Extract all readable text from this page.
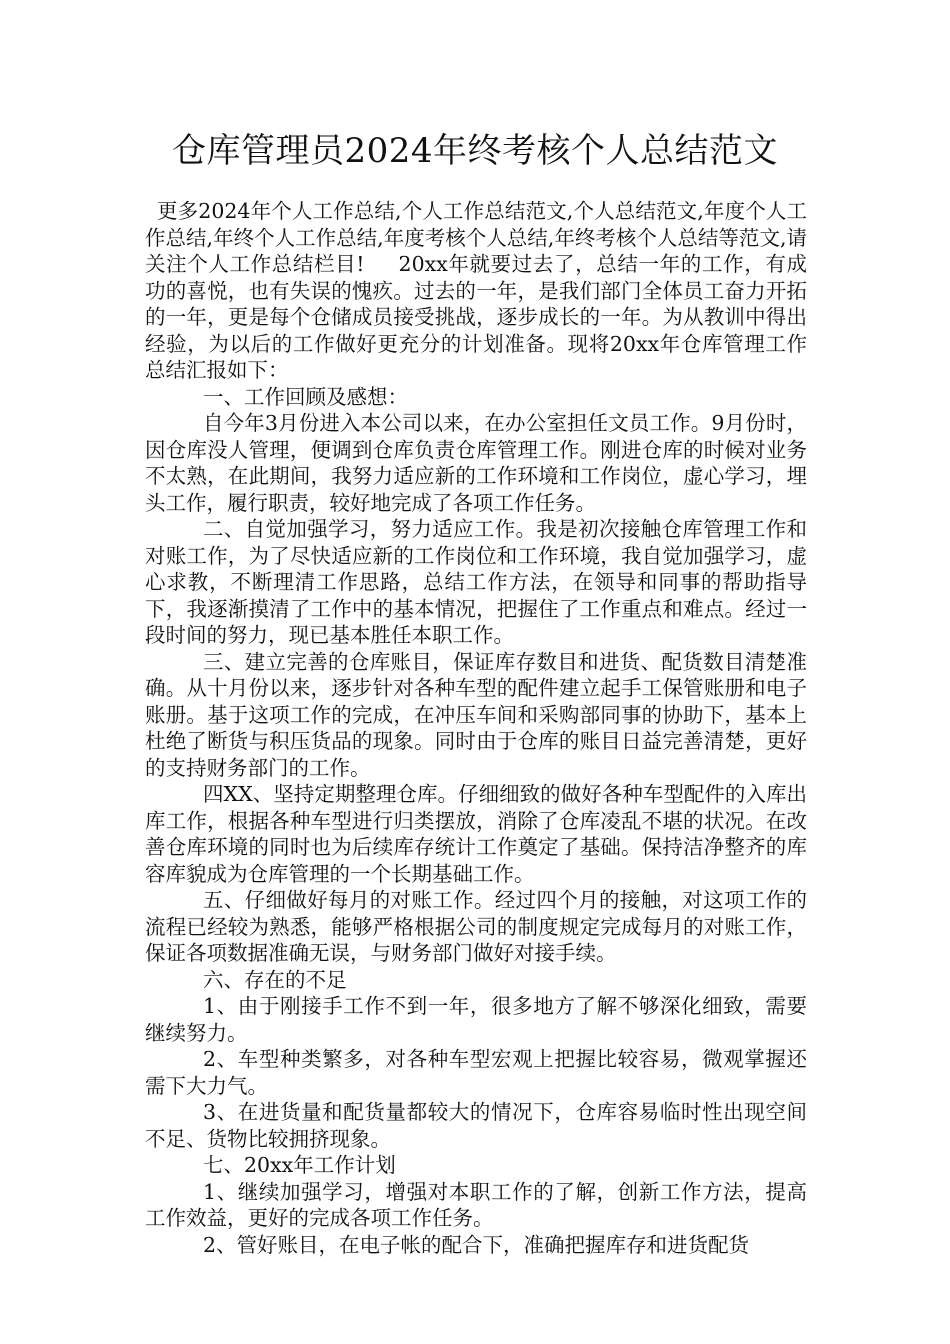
仓库管理员2024年终考核个人总结范文

更多2024年个人工作总结,个人工作总结范文,个人总结范文,年度个人工作总结,年终个人工作总结,年度考核个人总结,年终考核个人总结等范文,请关注个人工作总结栏目! 20xx年就要过去了，总结一年的工作，有成功的喜悦，也有失误的愧疚。过去的一年，是我们部门全体员工奋力开拓的一年，更是每个仓储成员接受挑战，逐步成长的一年。为从教训中得出经验，为以后的工作做好更充分的计划准备。现将20xx年仓库管理工作总结汇报如下：

一、工作回顾及感想：

自今年3月份进入本公司以来，在办公室担任文员工作。9月份时，因仓库没人管理，便调到仓库负责仓库管理工作。刚进仓库的时候对业务不太熟，在此期间，我努力适应新的工作环境和工作岗位，虚心学习，埋头工作，履行职责，较好地完成了各项工作任务。

二、自觉加强学习，努力适应工作。我是初次接触仓库管理工作和对账工作，为了尽快适应新的工作岗位和工作环境，我自觉加强学习，虚心求教，不断理清工作思路，总结工作方法，在领导和同事的帮助指导下，我逐渐摸清了工作中的基本情况，把握住了工作重点和难点。经过一段时间的努力，现已基本胜任本职工作。

三、建立完善的仓库账目，保证库存数目和进货、配货数目清楚准确。从十月份以来，逐步针对各种车型的配件建立起手工保管账册和电子账册。基于这项工作的完成，在冲压车间和采购部同事的协助下，基本上杜绝了断货与积压货品的现象。同时由于仓库的账目日益完善清楚，更好的支持财务部门的工作。

四XX、坚持定期整理仓库。仔细细致的做好各种车型配件的入库出库工作，根据各种车型进行归类摆放，消除了仓库凌乱不堪的状况。在改善仓库环境的同时也为后续库存统计工作奠定了基础。保持洁净整齐的库容库貌成为仓库管理的一个长期基础工作。

五、仔细做好每月的对账工作。经过四个月的接触，对这项工作的流程已经较为熟悉，能够严格根据公司的制度规定完成每月的对账工作，保证各项数据准确无误，与财务部门做好对接手续。

六、存在的不足

1、由于刚接手工作不到一年，很多地方了解不够深化细致，需要继续努力。

2、车型种类繁多，对各种车型宏观上把握比较容易，微观掌握还需下大力气。

3、在进货量和配货量都较大的情况下，仓库容易临时性出现空间不足、货物比较拥挤现象。

七、20xx年工作计划

1、继续加强学习，增强对本职工作的了解，创新工作方法，提高工作效益，更好的完成各项工作任务。

2、管好账目，在电子帐的配合下，准确把握库存和进货配货
